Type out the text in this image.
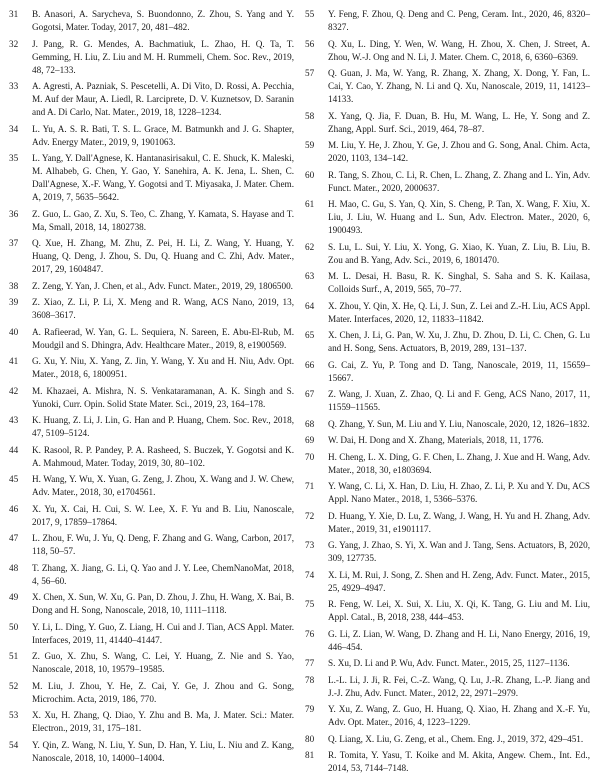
31	B. Anasori, A. Sarycheva, S. Buondonno, Z. Zhou, S. Yang and Y. Gogotsi, Mater. Today, 2017, 20, 481–482.
32	J. Pang, R. G. Mendes, A. Bachmatiuk, L. Zhao, H. Q. Ta, T. Gemming, H. Liu, Z. Liu and M. H. Rummeli, Chem. Soc. Rev., 2019, 48, 72–133.
33	A. Agresti, A. Pazniak, S. Pescetelli, A. Di Vito, D. Rossi, A. Pecchia, M. Auf der Maur, A. Liedl, R. Larciprete, D. V. Kuznetsov, D. Saranin and A. Di Carlo, Nat. Mater., 2019, 18, 1228–1234.
34	L. Yu, A. S. R. Bati, T. S. L. Grace, M. Batmunkh and J. G. Shapter, Adv. Energy Mater., 2019, 9, 1901063.
35	L. Yang, Y. Dall'Agnese, K. Hantanasirisakul, C. E. Shuck, K. Maleski, M. Alhabeb, G. Chen, Y. Gao, Y. Sanehira, A. K. Jena, L. Shen, C. Dall'Agnese, X.-F. Wang, Y. Gogotsi and T. Miyasaka, J. Mater. Chem. A, 2019, 7, 5635–5642.
36	Z. Guo, L. Gao, Z. Xu, S. Teo, C. Zhang, Y. Kamata, S. Hayase and T. Ma, Small, 2018, 14, 1802738.
37	Q. Xue, H. Zhang, M. Zhu, Z. Pei, H. Li, Z. Wang, Y. Huang, Y. Huang, Q. Deng, J. Zhou, S. Du, Q. Huang and C. Zhi, Adv. Mater., 2017, 29, 1604847.
38	Z. Zeng, Y. Yan, J. Chen, et al., Adv. Funct. Mater., 2019, 29, 1806500.
39	Z. Xiao, Z. Li, P. Li, X. Meng and R. Wang, ACS Nano, 2019, 13, 3608–3617.
40	A. Rafieerad, W. Yan, G. L. Sequiera, N. Sareen, E. Abu-El-Rub, M. Moudgil and S. Dhingra, Adv. Healthcare Mater., 2019, 8, e1900569.
41	G. Xu, Y. Niu, X. Yang, Z. Jin, Y. Wang, Y. Xu and H. Niu, Adv. Opt. Mater., 2018, 6, 1800951.
42	M. Khazaei, A. Mishra, N. S. Venkataramanan, A. K. Singh and S. Yunoki, Curr. Opin. Solid State Mater. Sci., 2019, 23, 164–178.
43	K. Huang, Z. Li, J. Lin, G. Han and P. Huang, Chem. Soc. Rev., 2018, 47, 5109–5124.
44	K. Rasool, R. P. Pandey, P. A. Rasheed, S. Buczek, Y. Gogotsi and K. A. Mahmoud, Mater. Today, 2019, 30, 80–102.
45	H. Wang, Y. Wu, X. Yuan, G. Zeng, J. Zhou, X. Wang and J. W. Chew, Adv. Mater., 2018, 30, e1704561.
46	X. Yu, X. Cai, H. Cui, S. W. Lee, X. F. Yu and B. Liu, Nanoscale, 2017, 9, 17859–17864.
47	L. Zhou, F. Wu, J. Yu, Q. Deng, F. Zhang and G. Wang, Carbon, 2017, 118, 50–57.
48	T. Zhang, X. Jiang, G. Li, Q. Yao and J. Y. Lee, ChemNanoMat, 2018, 4, 56–60.
49	X. Chen, X. Sun, W. Xu, G. Pan, D. Zhou, J. Zhu, H. Wang, X. Bai, B. Dong and H. Song, Nanoscale, 2018, 10, 1111–1118.
50	Y. Li, L. Ding, Y. Guo, Z. Liang, H. Cui and J. Tian, ACS Appl. Mater. Interfaces, 2019, 11, 41440–41447.
51	Z. Guo, X. Zhu, S. Wang, C. Lei, Y. Huang, Z. Nie and S. Yao, Nanoscale, 2018, 10, 19579–19585.
52	M. Liu, J. Zhou, Y. He, Z. Cai, Y. Ge, J. Zhou and G. Song, Microchim. Acta, 2019, 186, 770.
53	X. Xu, H. Zhang, Q. Diao, Y. Zhu and B. Ma, J. Mater. Sci.: Mater. Electron., 2019, 31, 175–181.
54	Y. Qin, Z. Wang, N. Liu, Y. Sun, D. Han, Y. Liu, L. Niu and Z. Kang, Nanoscale, 2018, 10, 14000–14004.
55	Y. Feng, F. Zhou, Q. Deng and C. Peng, Ceram. Int., 2020, 46, 8320–8327.
56	Q. Xu, L. Ding, Y. Wen, W. Wang, H. Zhou, X. Chen, J. Street, A. Zhou, W.-J. Ong and N. Li, J. Mater. Chem. C, 2018, 6, 6360–6369.
57	Q. Guan, J. Ma, W. Yang, R. Zhang, X. Zhang, X. Dong, Y. Fan, L. Cai, Y. Cao, Y. Zhang, N. Li and Q. Xu, Nanoscale, 2019, 11, 14123–14133.
58	X. Yang, Q. Jia, F. Duan, B. Hu, M. Wang, L. He, Y. Song and Z. Zhang, Appl. Surf. Sci., 2019, 464, 78–87.
59	M. Liu, Y. He, J. Zhou, Y. Ge, J. Zhou and G. Song, Anal. Chim. Acta, 2020, 1103, 134–142.
60	R. Tang, S. Zhou, C. Li, R. Chen, L. Zhang, Z. Zhang and L. Yin, Adv. Funct. Mater., 2020, 2000637.
61	H. Mao, C. Gu, S. Yan, Q. Xin, S. Cheng, P. Tan, X. Wang, F. Xiu, X. Liu, J. Liu, W. Huang and L. Sun, Adv. Electron. Mater., 2020, 6, 1900493.
62	S. Lu, L. Sui, Y. Liu, X. Yong, G. Xiao, K. Yuan, Z. Liu, B. Liu, B. Zou and B. Yang, Adv. Sci., 2019, 6, 1801470.
63	M. L. Desai, H. Basu, R. K. Singhal, S. Saha and S. K. Kailasa, Colloids Surf., A, 2019, 565, 70–77.
64	X. Zhou, Y. Qin, X. He, Q. Li, J. Sun, Z. Lei and Z.-H. Liu, ACS Appl. Mater. Interfaces, 2020, 12, 11833–11842.
65	X. Chen, J. Li, G. Pan, W. Xu, J. Zhu, D. Zhou, D. Li, C. Chen, G. Lu and H. Song, Sens. Actuators, B, 2019, 289, 131–137.
66	G. Cai, Z. Yu, P. Tong and D. Tang, Nanoscale, 2019, 11, 15659–15667.
67	Z. Wang, J. Xuan, Z. Zhao, Q. Li and F. Geng, ACS Nano, 2017, 11, 11559–11565.
68	Q. Zhang, Y. Sun, M. Liu and Y. Liu, Nanoscale, 2020, 12, 1826–1832.
69	W. Dai, H. Dong and X. Zhang, Materials, 2018, 11, 1776.
70	H. Cheng, L. X. Ding, G. F. Chen, L. Zhang, J. Xue and H. Wang, Adv. Mater., 2018, 30, e1803694.
71	Y. Wang, C. Li, X. Han, D. Liu, H. Zhao, Z. Li, P. Xu and Y. Du, ACS Appl. Nano Mater., 2018, 1, 5366–5376.
72	D. Huang, Y. Xie, D. Lu, Z. Wang, J. Wang, H. Yu and H. Zhang, Adv. Mater., 2019, 31, e1901117.
73	G. Yang, J. Zhao, S. Yi, X. Wan and J. Tang, Sens. Actuators, B, 2020, 309, 127735.
74	X. Li, M. Rui, J. Song, Z. Shen and H. Zeng, Adv. Funct. Mater., 2015, 25, 4929–4947.
75	R. Feng, W. Lei, X. Sui, X. Liu, X. Qi, K. Tang, G. Liu and M. Liu, Appl. Catal., B, 2018, 238, 444–453.
76	G. Li, Z. Lian, W. Wang, D. Zhang and H. Li, Nano Energy, 2016, 19, 446–454.
77	S. Xu, D. Li and P. Wu, Adv. Funct. Mater., 2015, 25, 1127–1136.
78	L.-L. Li, J. Ji, R. Fei, C.-Z. Wang, Q. Lu, J.-R. Zhang, L.-P. Jiang and J.-J. Zhu, Adv. Funct. Mater., 2012, 22, 2971–2979.
79	Y. Xu, Z. Wang, Z. Guo, H. Huang, Q. Xiao, H. Zhang and X.-F. Yu, Adv. Opt. Mater., 2016, 4, 1223–1229.
80	Q. Liang, X. Liu, G. Zeng, et al., Chem. Eng. J., 2019, 372, 429–451.
81	R. Tomita, Y. Yasu, T. Koike and M. Akita, Angew. Chem., Int. Ed., 2014, 53, 7144–7148.
